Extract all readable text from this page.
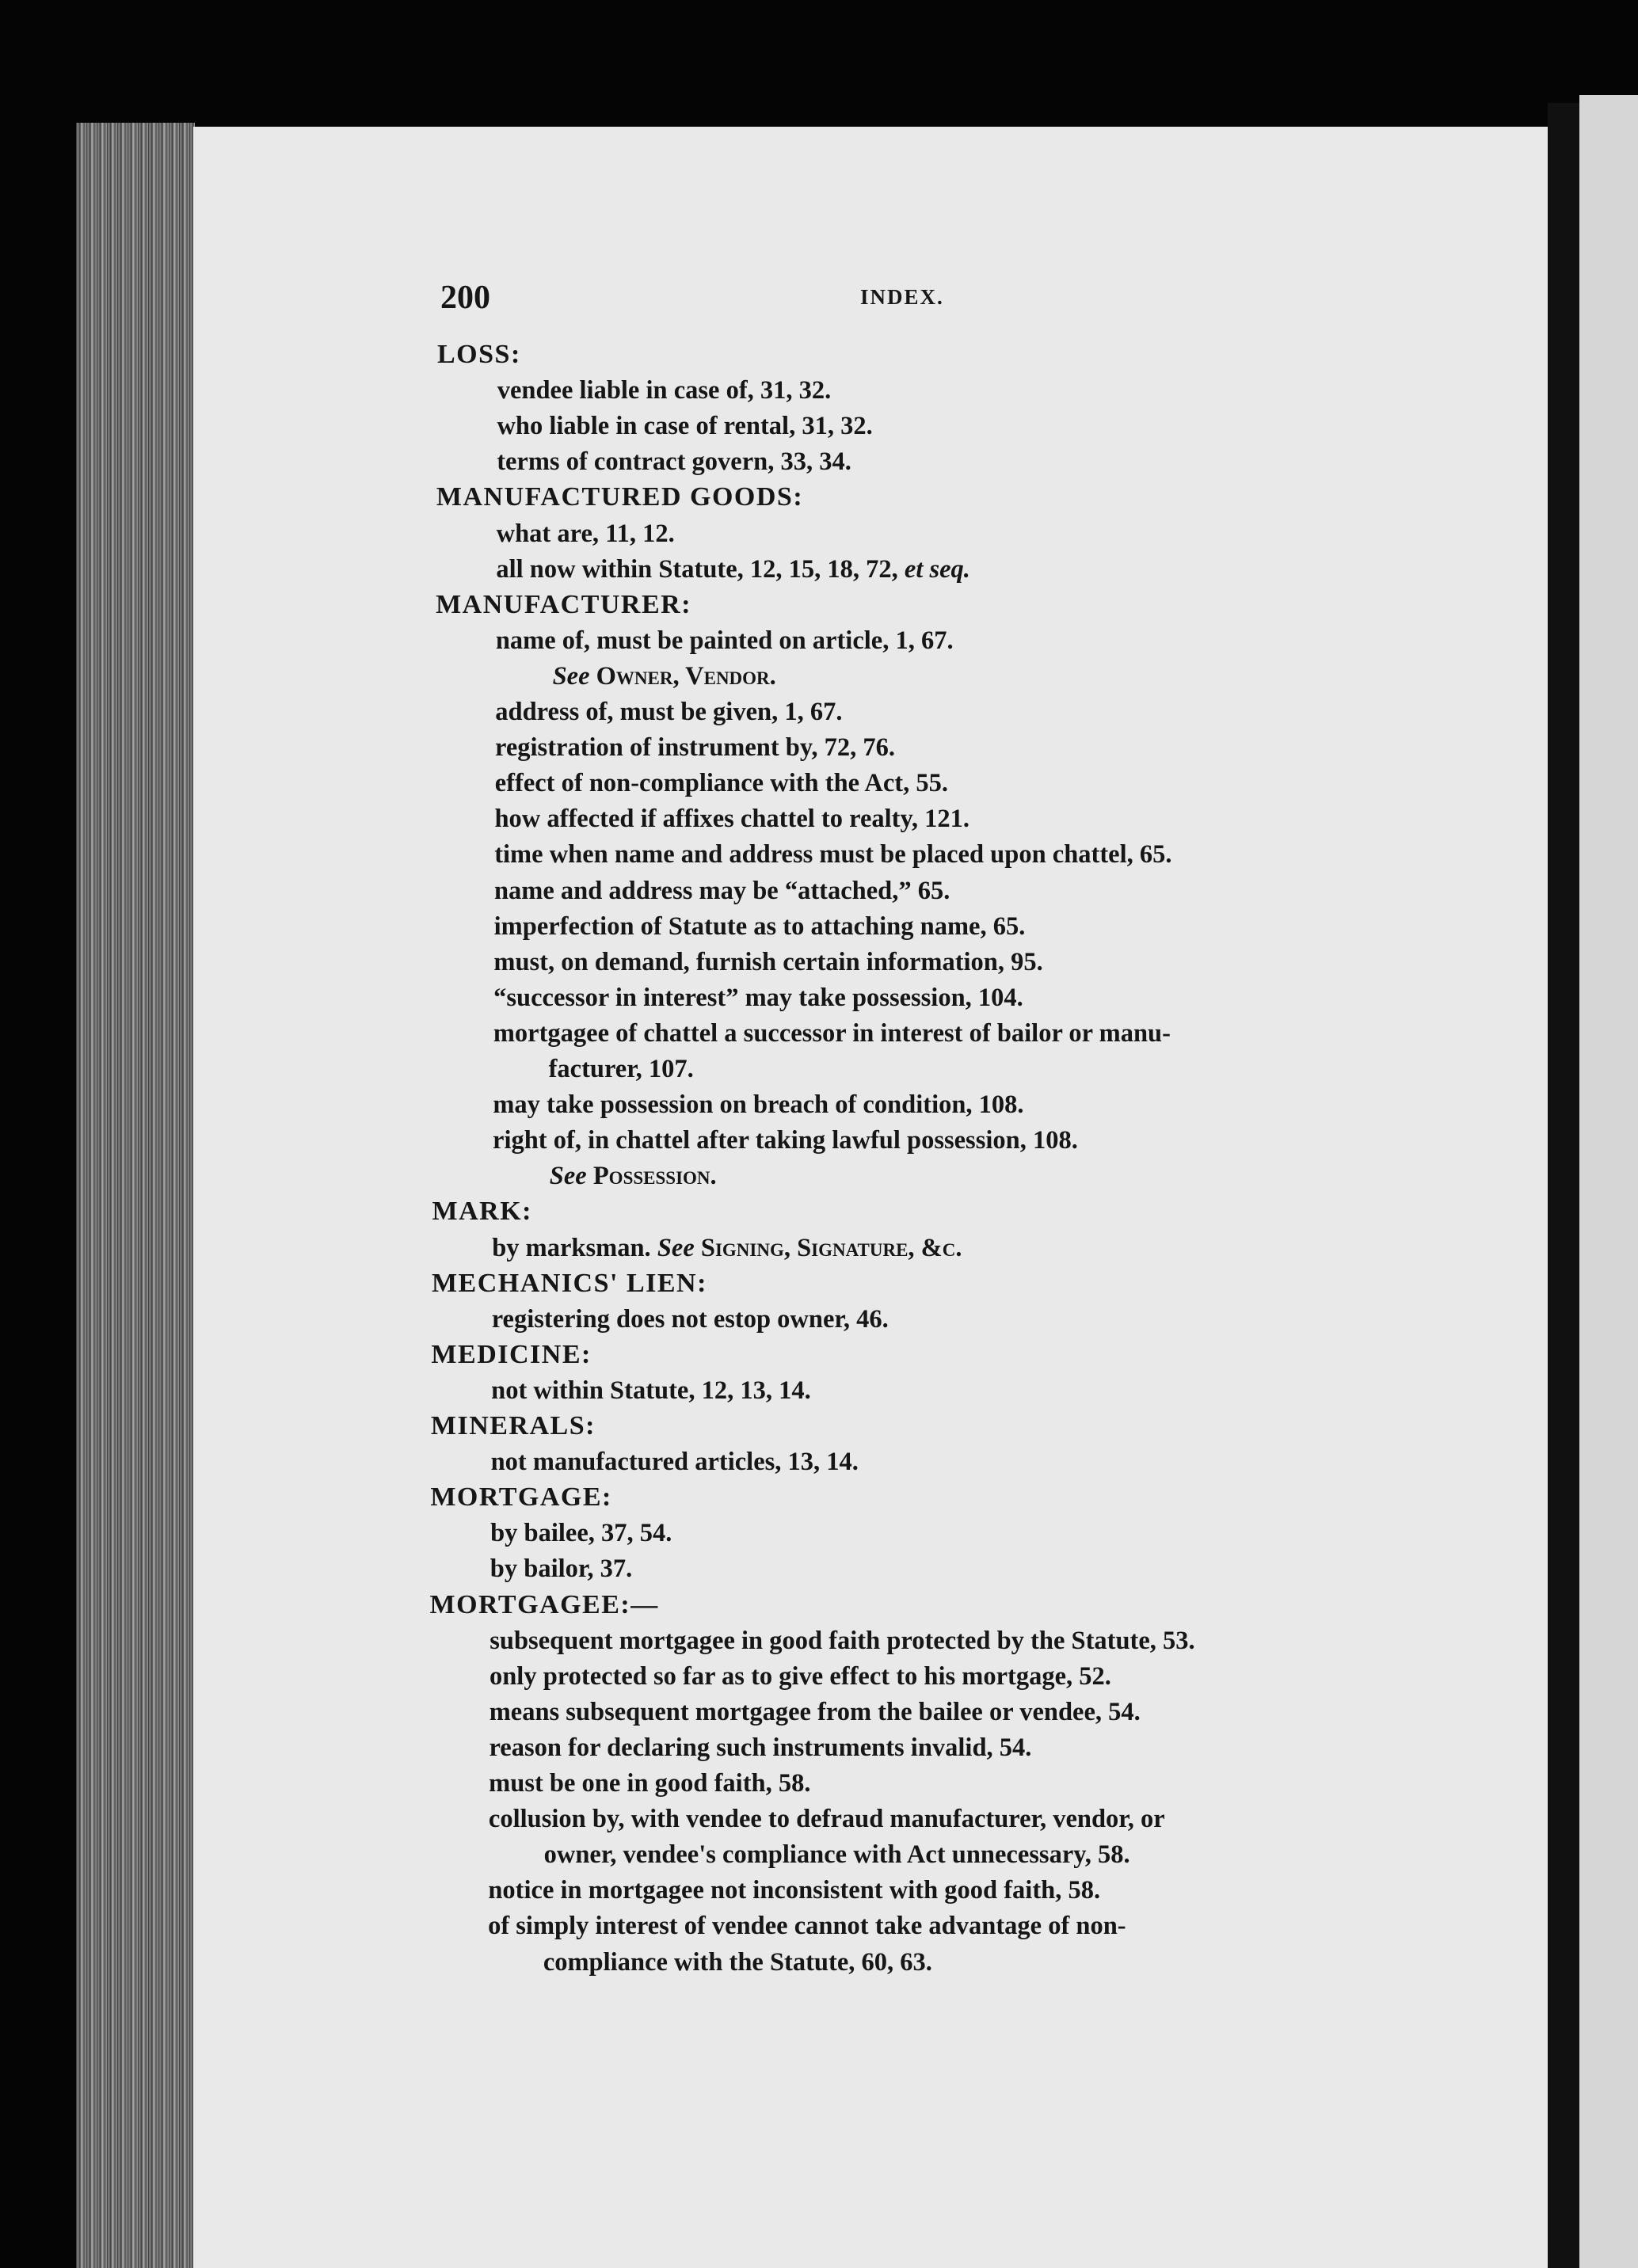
200	INDEX.
LOSS:
vendee liable in case of, 31, 32.
who liable in case of rental, 31, 32.
terms of contract govern, 33, 34.
MANUFACTURED GOODS:
what are, 11, 12.
all now within Statute, 12, 15, 18, 72, et seq.
MANUFACTURER:
name of, must be painted on article, 1, 67.
See Owner, Vendor.
address of, must be given, 1, 67.
registration of instrument by, 72, 76.
effect of non-compliance with the Act, 55.
how affected if affixes chattel to realty, 121.
time when name and address must be placed upon chattel, 65.
name and address may be “attached,” 65.
imperfection of Statute as to attaching name, 65.
must, on demand, furnish certain information, 95.
“successor in interest” may take possession, 104.
mortgagee of chattel a successor in interest of bailor or manu-
facturer, 107.
may take possession on breach of condition, 108.
right of, in chattel after taking lawful possession, 108.
See Possession.
MARK:
by marksman. See Signing, Signature, &c.
MECHANICS' LIEN:
registering does not estop owner, 46.
MEDICINE:
not within Statute, 12, 13, 14.
MINERALS:
not manufactured articles, 13, 14.
MORTGAGE:
by bailee, 37, 54.
by bailor, 37.
MORTGAGEE:—
subsequent mortgagee in good faith protected by the Statute, 53.
only protected so far as to give effect to his mortgage, 52.
means subsequent mortgagee from the bailee or vendee, 54.
reason for declaring such instruments invalid, 54.
must be one in good faith, 58.
collusion by, with vendee to defraud manufacturer, vendor, or
owner, vendee's compliance with Act unnecessary, 58.
notice in mortgagee not inconsistent with good faith, 58.
of simply interest of vendee cannot take advantage of non-
compliance with the Statute, 60, 63.
